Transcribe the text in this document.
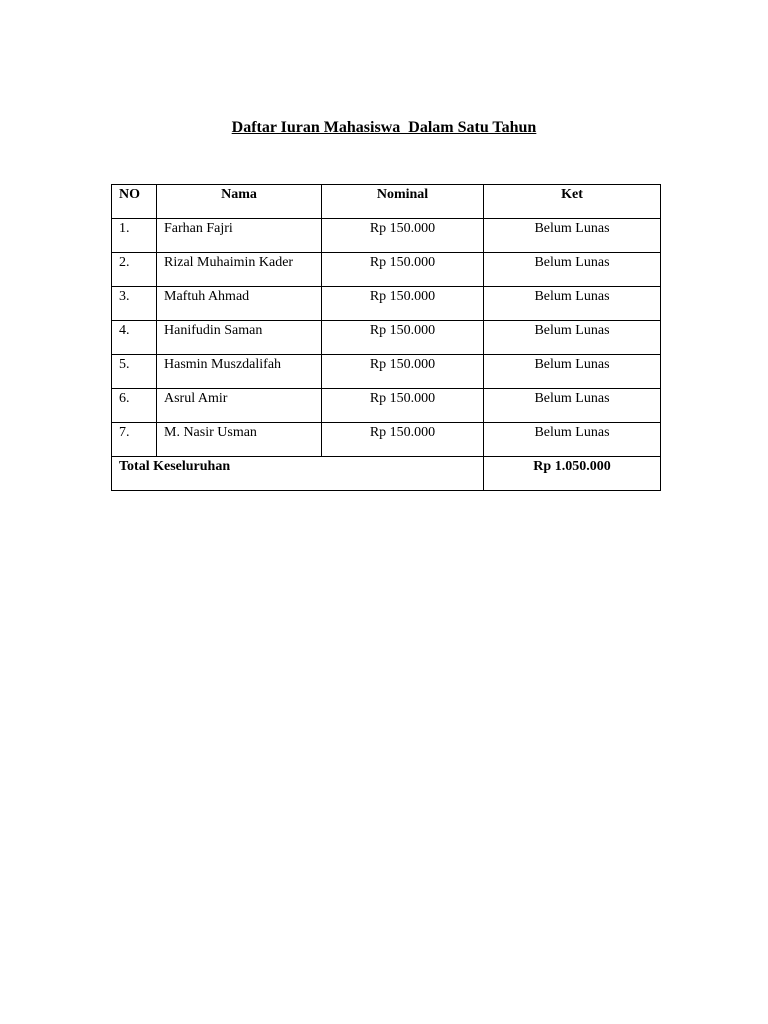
Daftar Iuran Mahasiswa  Dalam Satu Tahun
NO	Nama	Nominal	Ket
1.	Farhan Fajri	Rp 150.000	Belum Lunas
2.	Rizal Muhaimin Kader	Rp 150.000	Belum Lunas
3.	Maftuh Ahmad	Rp 150.000	Belum Lunas
4.	Hanifudin Saman	Rp 150.000	Belum Lunas
5.	Hasmin Muszdalifah	Rp 150.000	Belum Lunas
6.	Asrul Amir	Rp 150.000	Belum Lunas
7.	M. Nasir Usman	Rp 150.000	Belum Lunas
Total Keseluruhan			Rp 1.050.000
